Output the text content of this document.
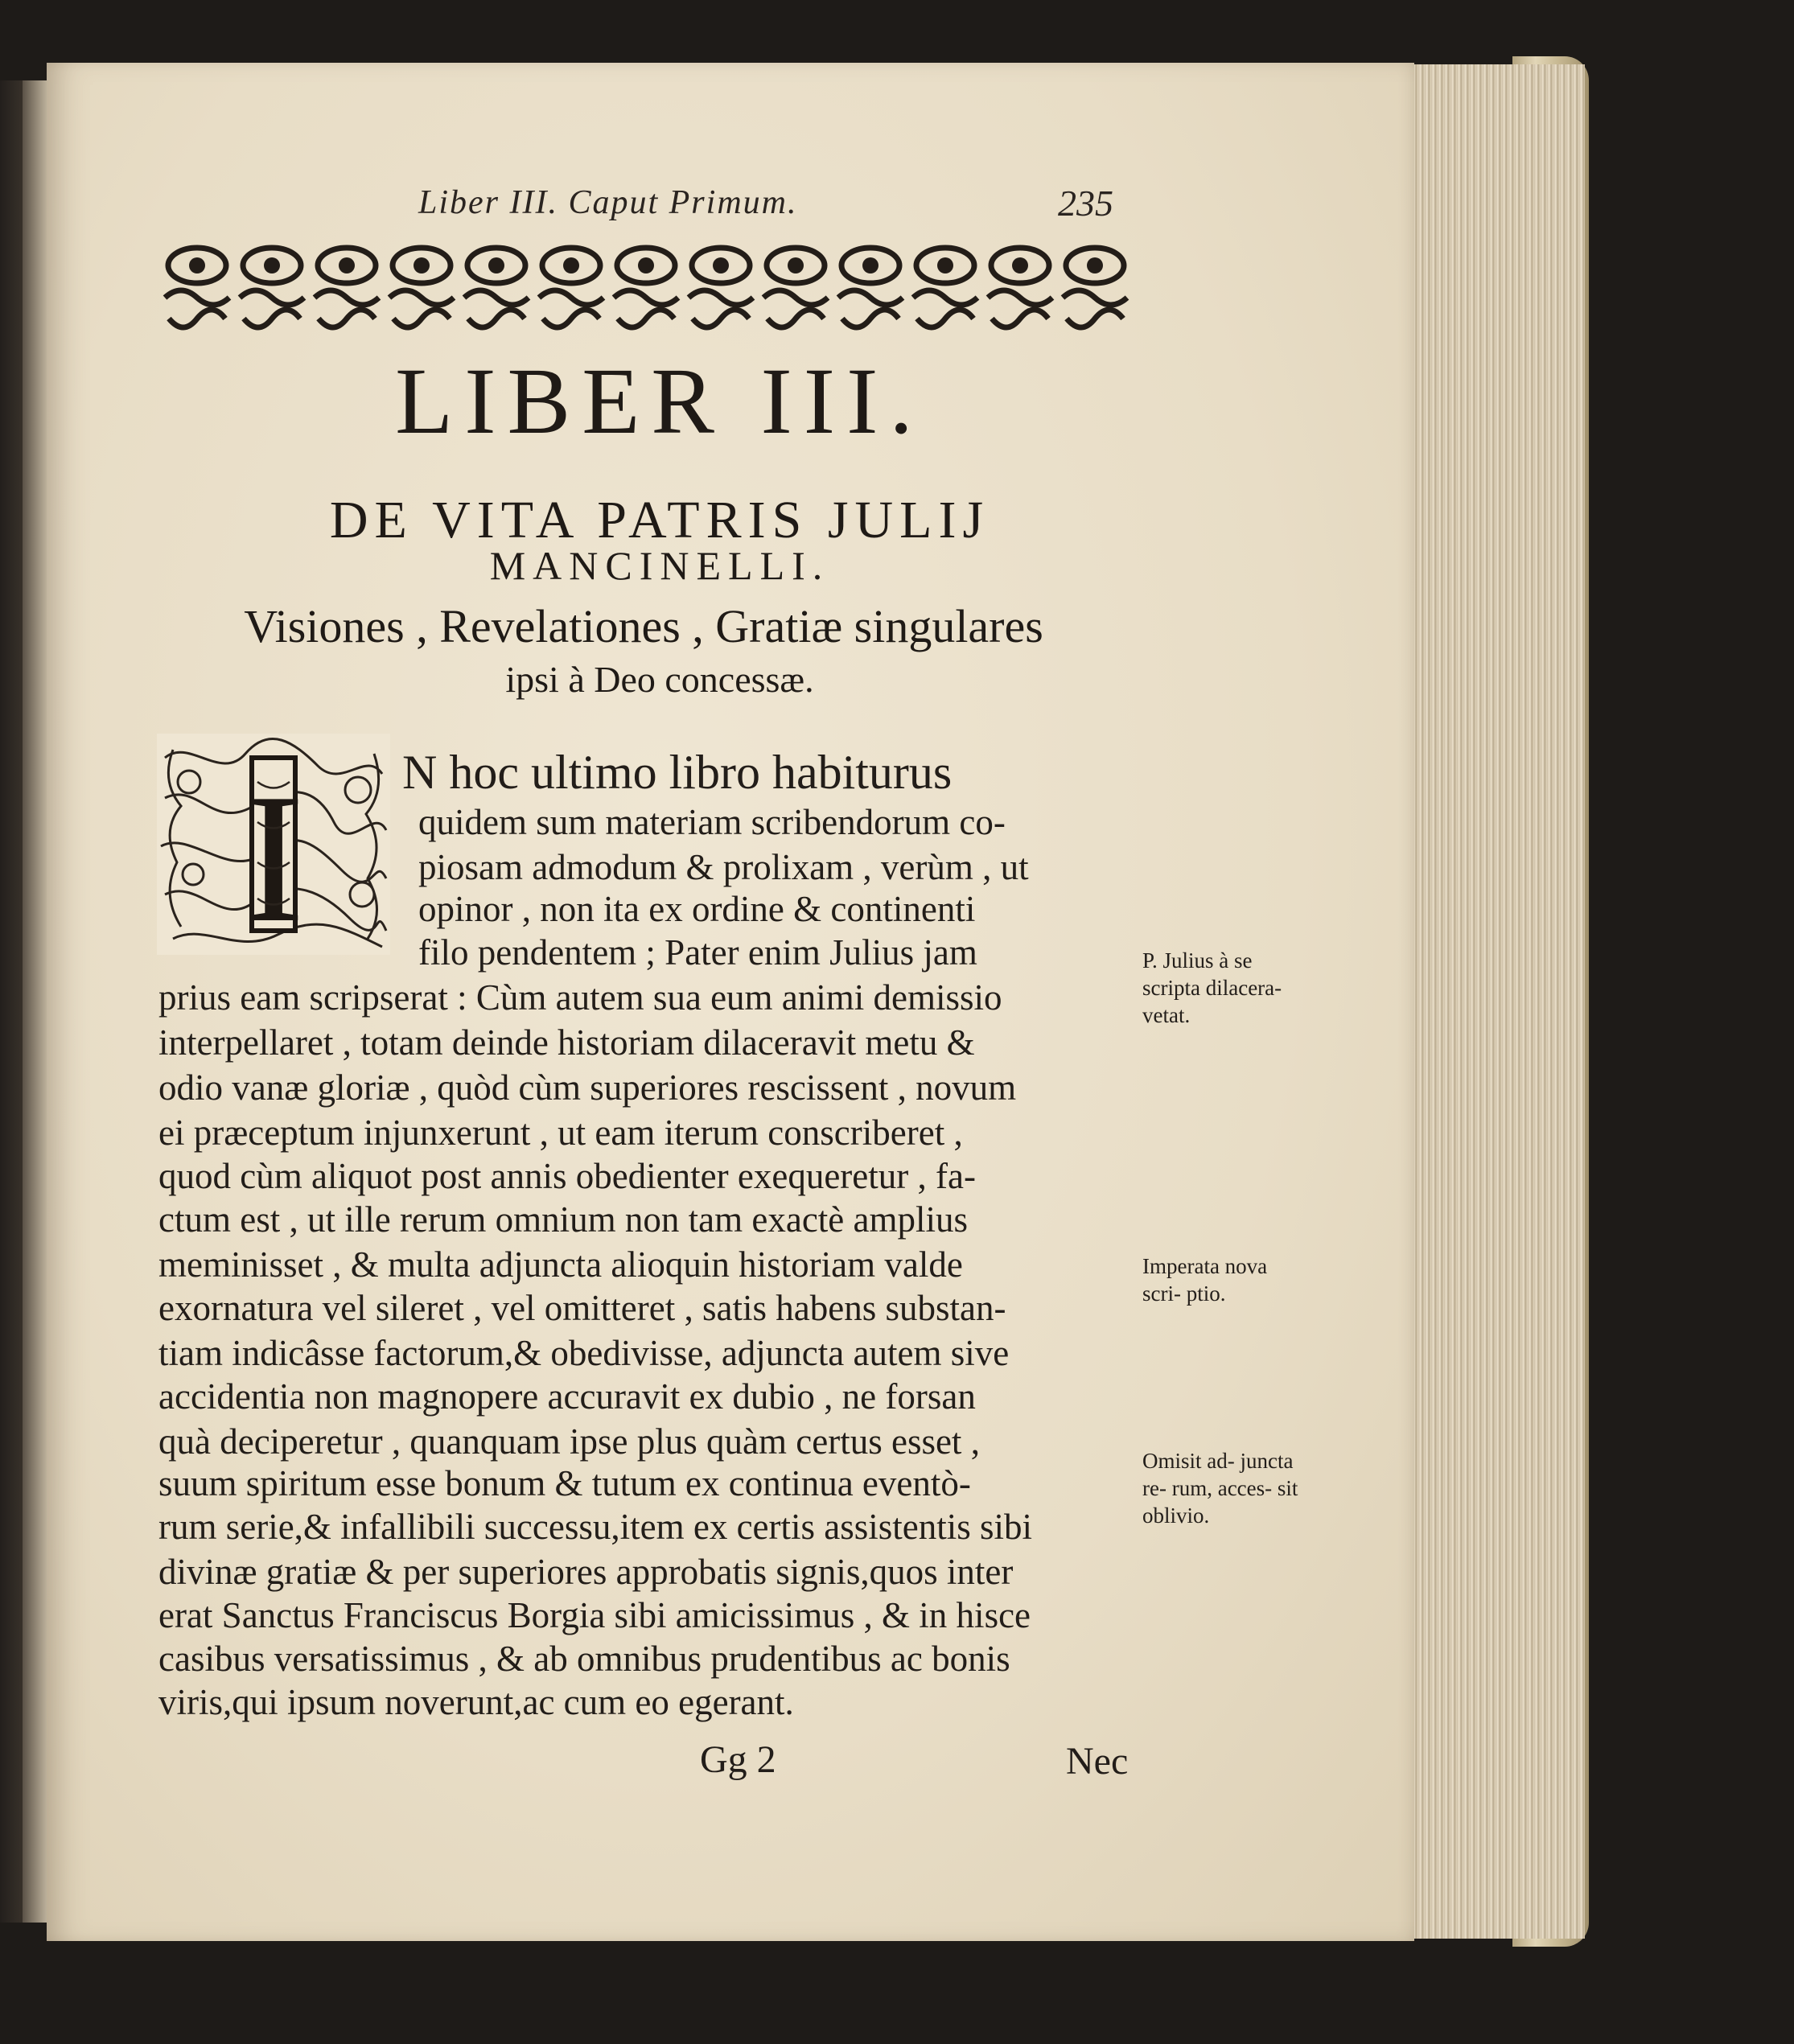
Liber III. Caput Primum.	235
LIBER III.
DE VITA PATRIS JULIJ
MANCINELLI.
Visiones , Revelationes , Gratiæ singulares
ipsi à Deo concessæ.
I N hoc ultimo libro habiturus
quidem sum materiam scribendorum co-
piosam admodum & prolixam , verùm , ut
opinor , non ita ex ordine & continenti
filo pendentem ; Pater enim Julius jam
prius eam scripserat : Cùm autem sua eum animi demissio
interpellaret , totam deinde historiam dilaceravit metu &
odio vanæ gloriæ , quòd cùm superiores rescissent , novum
ei præceptum injunxerunt , ut eam iterum conscriberet ,
quod cùm aliquot post annis obedienter exequeretur , fa-
ctum est , ut ille rerum omnium non tam exactè amplius
meminisset , & multa adjuncta alioquin historiam valde
exornatura vel sileret , vel omitteret , satis habens substan-
tiam indicâsse factorum,& obedivisse, adjuncta autem sive
accidentia non magnopere accuravit ex dubio , ne forsan
quà deciperetur , quanquam ipse plus quàm certus esset ,
suum spiritum esse bonum & tutum ex continua eventò-
rum serie,& infallibili successu,item ex certis assistentis sibi
divinæ gratiæ & per superiores approbatis signis,quos inter
erat Sanctus Franciscus Borgia sibi amicissimus , & in hisce
casibus versatissimus , & ab omnibus prudentibus ac bonis
viris,qui ipsum noverunt,ac cum eo egerant.
P. Julius à se scripta dilacerа- vetat.
Imperata nova scri- ptio.
Omisit ad- juncta re- rum, acces- sit oblivio.
Gg 2	Nec
